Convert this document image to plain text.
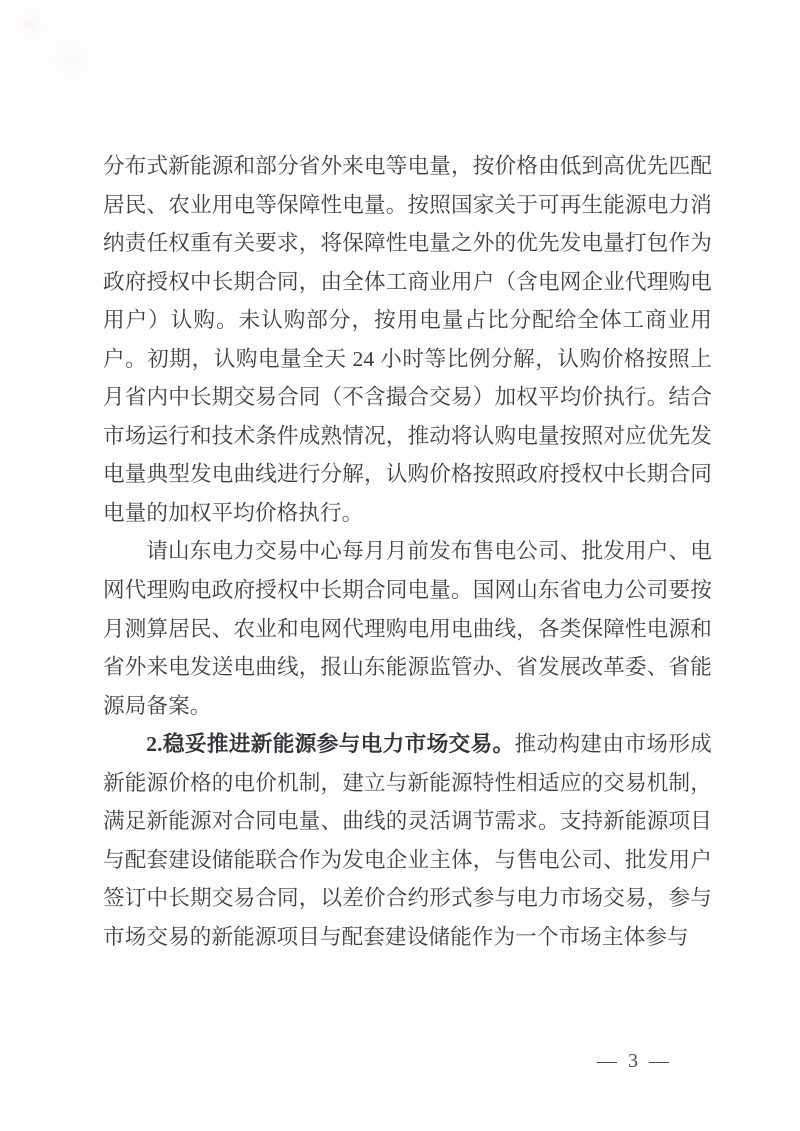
分布式新能源和部分省外来电等电量，按价格由低到高优先匹配居民、农业用电等保障性电量。按照国家关于可再生能源电力消纳责任权重有关要求，将保障性电量之外的优先发电量打包作为政府授权中长期合同，由全体工商业用户（含电网企业代理购电用户）认购。未认购部分，按用电量占比分配给全体工商业用户。初期，认购电量全天 24 小时等比例分解，认购价格按照上月省内中长期交易合同（不含撮合交易）加权平均价执行。结合市场运行和技术条件成熟情况，推动将认购电量按照对应优先发电量典型发电曲线进行分解，认购价格按照政府授权中长期合同电量的加权平均价格执行。

请山东电力交易中心每月月前发布售电公司、批发用户、电网代理购电政府授权中长期合同电量。国网山东省电力公司要按月测算居民、农业和电网代理购电用电曲线，各类保障性电源和省外来电发送电曲线，报山东能源监管办、省发展改革委、省能源局备案。

2.稳妥推进新能源参与电力市场交易。推动构建由市场形成新能源价格的电价机制，建立与新能源特性相适应的交易机制，满足新能源对合同电量、曲线的灵活调节需求。支持新能源项目与配套建设储能联合作为发电企业主体，与售电公司、批发用户签订中长期交易合同，以差价合约形式参与电力市场交易，参与市场交易的新能源项目与配套建设储能作为一个市场主体参与

— 3 —
